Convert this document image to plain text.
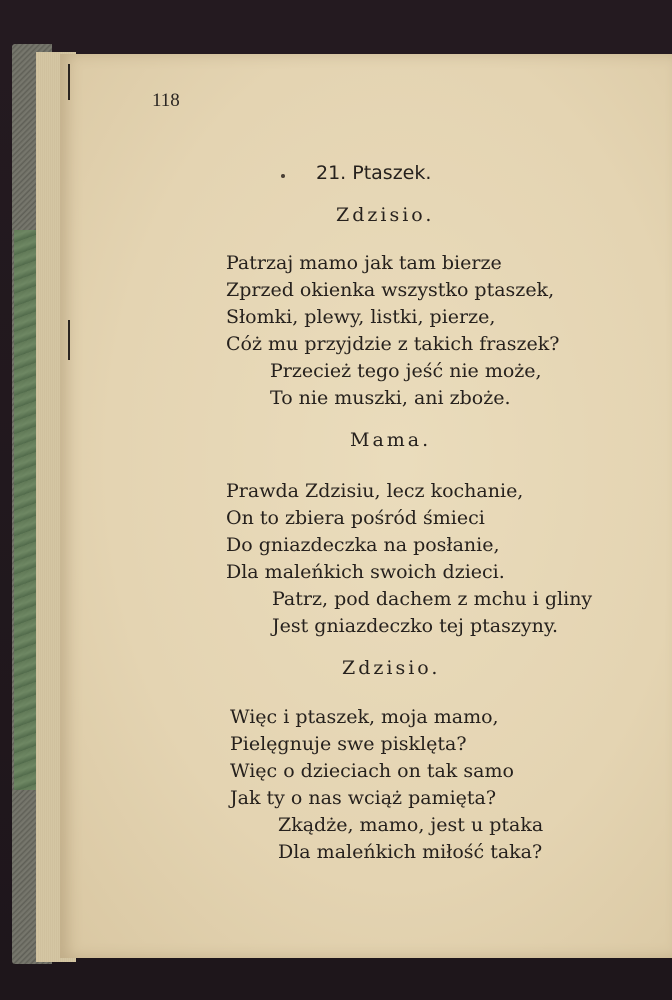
118
21. Ptaszek.
Zdzisio.
Patrzaj mamo jak tam bierze
Zprzed okienka wszystko ptaszek,
Słomki, plewy, listki, pierze,
Cóż mu przyjdzie z takich fraszek?
Przecież tego jeść nie może,
To nie muszki, ani zboże.
Mama.
Prawda Zdzisiu, lecz kochanie,
On to zbiera pośród śmieci
Do gniazdeczka na posłanie,
Dla maleńkich swoich dzieci.
Patrz, pod dachem z mchu i gliny
Jest gniazdeczko tej ptaszyny.
Zdzisio.
Więc i ptaszek, moja mamo,
Pielęgnuje swe pisklęta?
Więc o dzieciach on tak samo
Jak ty o nas wciąż pamięta?
Zkądże, mamo, jest u ptaka
Dla maleńkich miłość taka?
